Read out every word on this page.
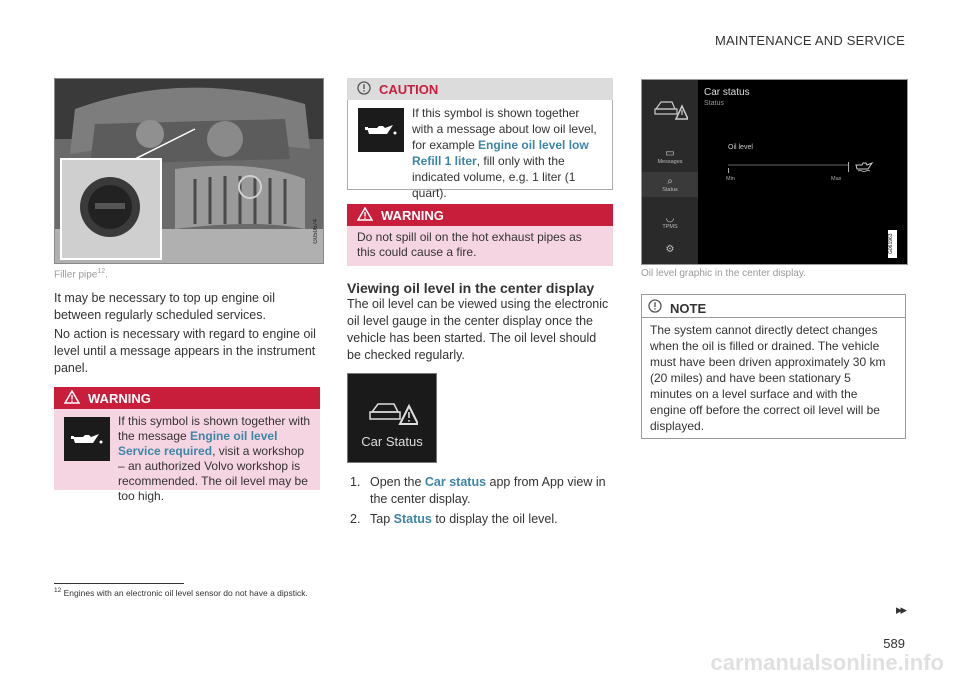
MAINTENANCE AND SERVICE
G050674
Filler pipe$^{12}$.
It may be necessary to top up engine oil between regularly scheduled services.
No action is necessary with regard to engine oil level until a message appears in the instrument panel.
WARNING
If this symbol is shown together with the message Engine oil level Service required, visit a workshop – an authorized Volvo workshop is recommended. The oil level may be too high.
CAUTION
If this symbol is shown together with a message about low oil level, for example Engine oil level low Refill 1 liter, fill only with the indicated volume, e.g. 1 liter (1 quart).
WARNING
Do not spill oil on the hot exhaust pipes as this could cause a fire.
Viewing oil level in the center display
The oil level can be viewed using the electronic oil level gauge in the center display once the vehicle has been started. The oil level should be checked regularly.
Car Status
1. Open the Car status app from App view in the center display.
2. Tap Status to display the oil level.
▭
Messages
⌕
Status
◡
TPMS
⚙
Car status
Status
Oil level
Min	Max
G061963
Oil level graphic in the center display.
NOTE
The system cannot directly detect changes when the oil is filled or drained. The vehicle must have been driven approximately 30 km (20 miles) and have been stationary 5 minutes on a level surface and with the engine off before the correct oil level will be displayed.
$^{12}$ Engines with an electronic oil level sensor do not have a dipstick.
▸▸
589
carmanualsonline.info
